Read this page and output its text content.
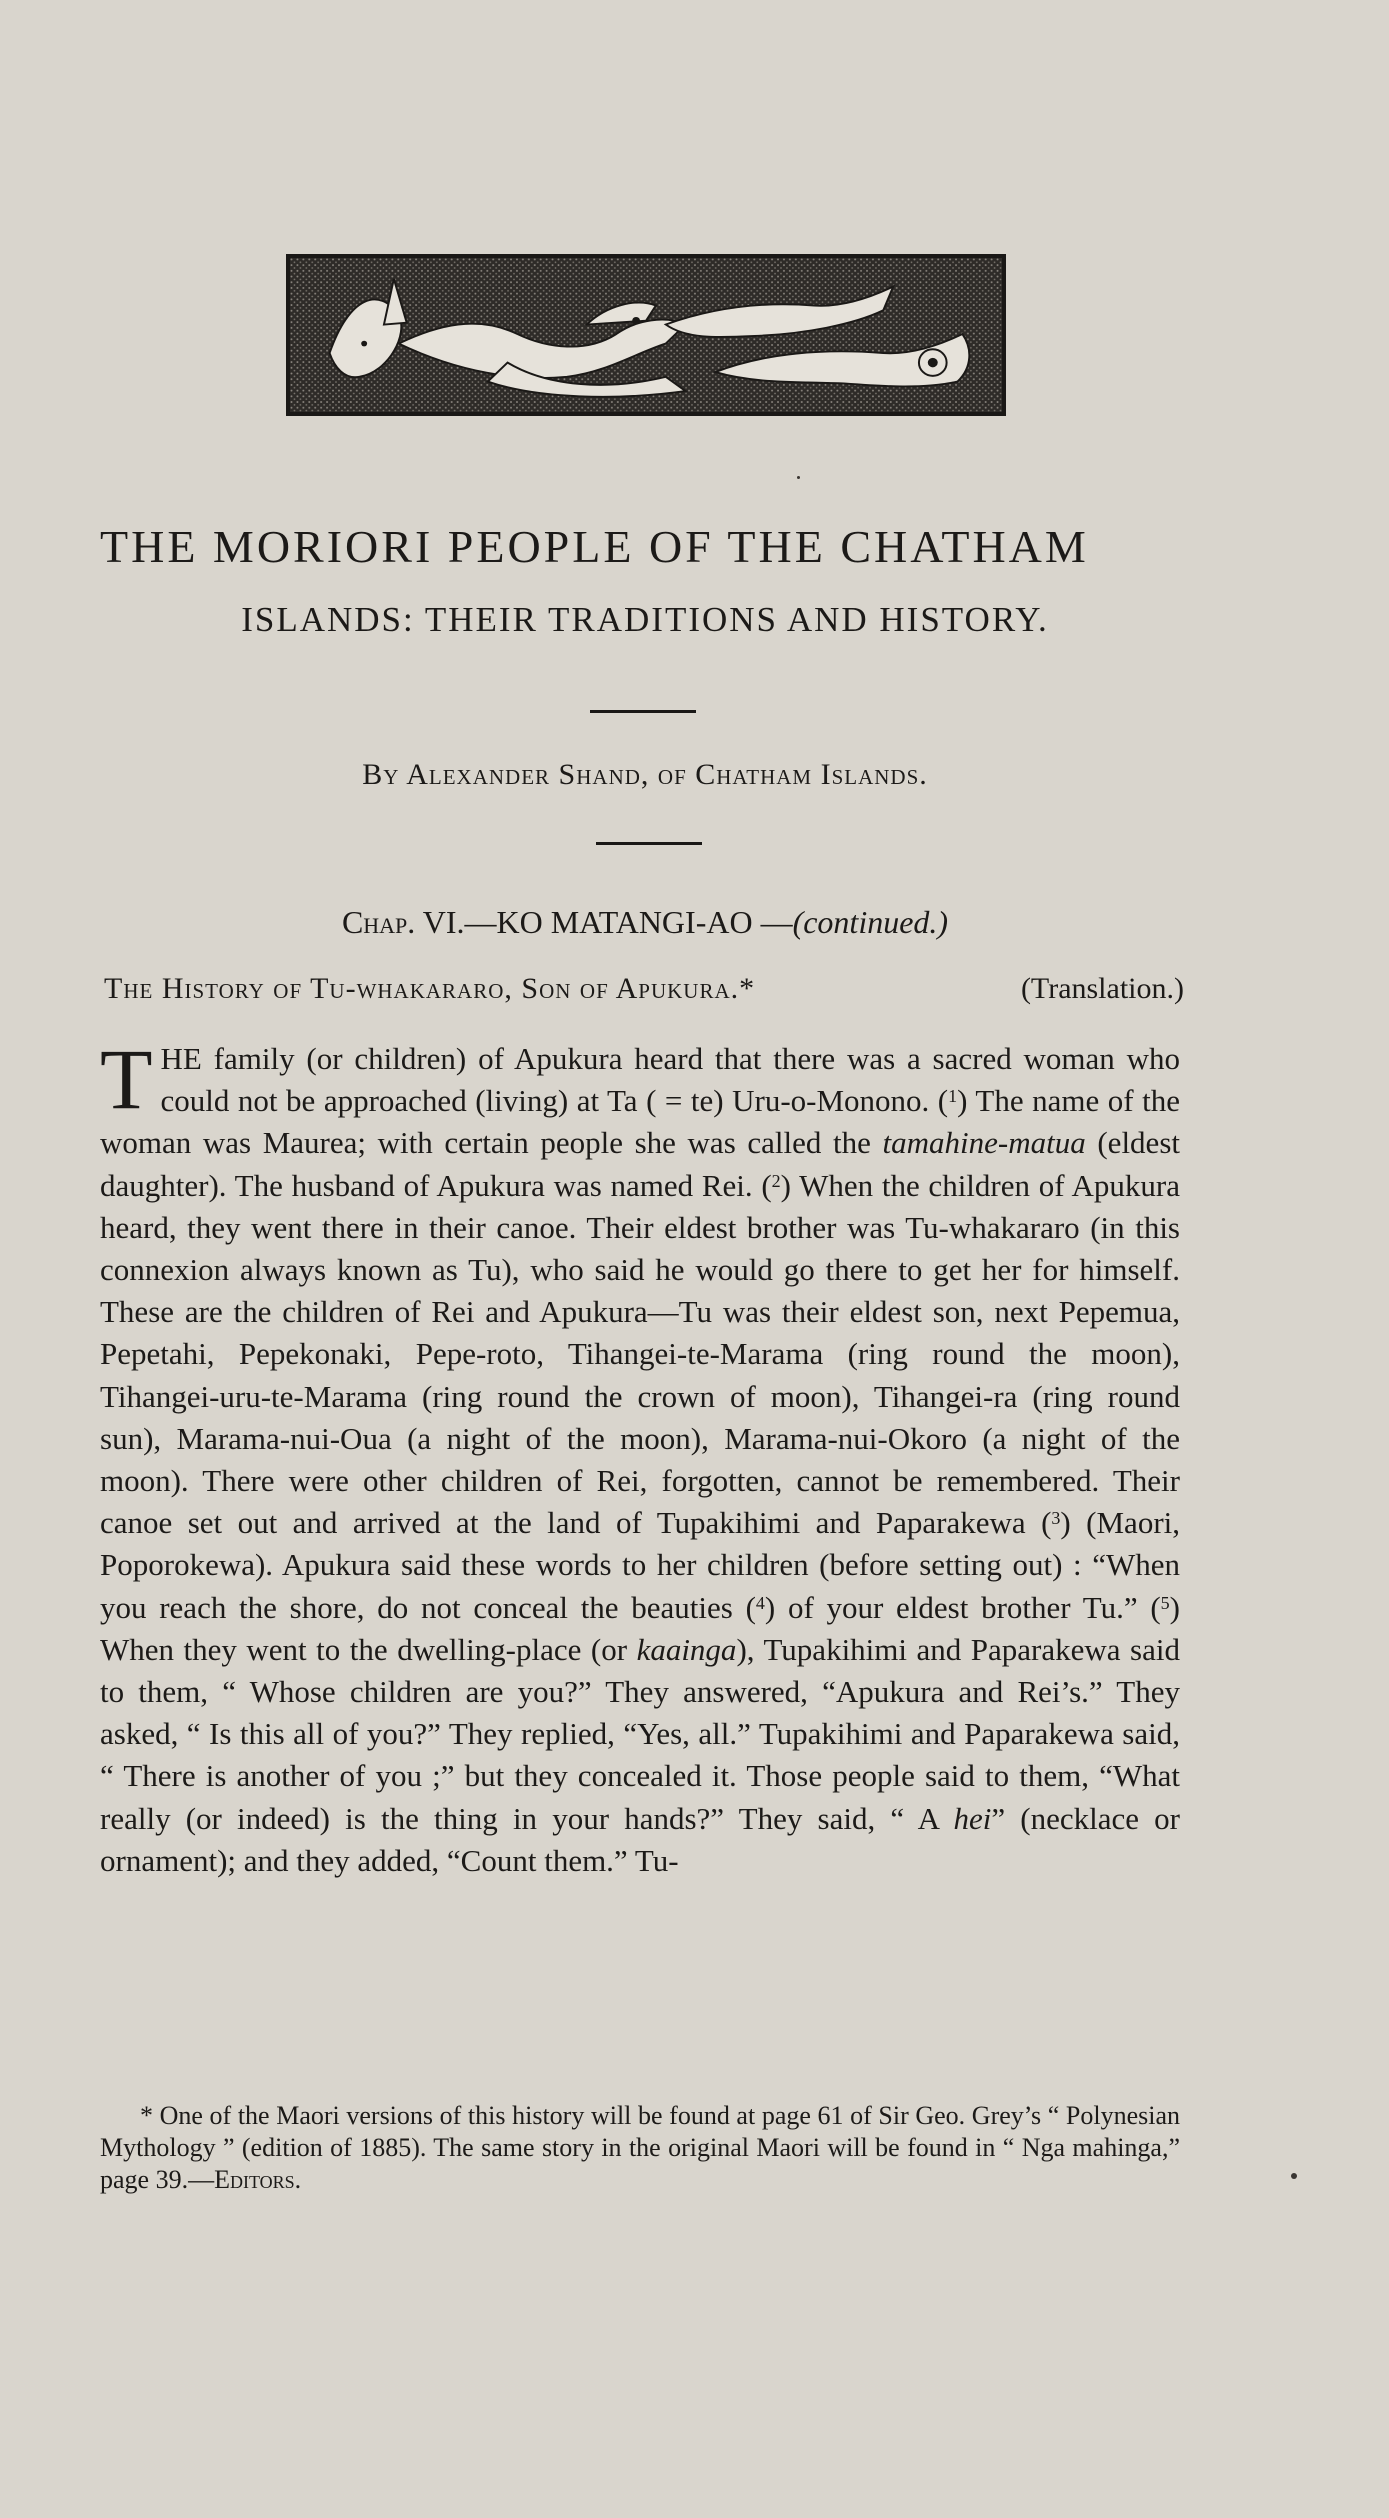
THE MORIORI PEOPLE OF THE CHATHAM
ISLANDS: THEIR TRADITIONS AND HISTORY.
By Alexander Shand, of Chatham Islands.
Chap. VI.—KO MATANGI-AO —(continued.)
The History of Tu-whakararo, Son of Apukura.*	(Translation.)

THE family (or children) of Apukura heard that there was a sacred woman who could not be approached (living) at Ta ( = te) Uru-o-Monono. ($^1$) The name of the woman was Maurea; with certain people she was called the tamahine-matua (eldest daughter). The husband of Apukura was named Rei. ($^2$) When the children of Apukura heard, they went there in their canoe. Their eldest brother was Tu-whakararo (in this connexion always known as Tu), who said he would go there to get her for himself. These are the children of Rei and Apukura—Tu was their eldest son, next Pepemua, Pepetahi, Pepekonaki, Pepe-roto, Tihangei-te-Marama (ring round the moon), Tihangei-uru-te-Marama (ring round the crown of moon), Tihangei-ra (ring round sun), Marama-nui-Oua (a night of the moon), Marama-nui-Okoro (a night of the moon). There were other children of Rei, forgotten, cannot be remembered. Their canoe set out and arrived at the land of Tupakihimi and Paparakewa ($^3$) (Maori, Poporokewa). Apukura said these words to her children (before setting out) : “When you reach the shore, do not conceal the beauties ($^4$) of your eldest brother Tu.” ($^5$) When they went to the dwelling-place (or kaainga), Tupakihimi and Paparakewa said to them, “ Whose children are you?” They answered, “Apukura and Rei’s.” They asked, “ Is this all of you?” They replied, “Yes, all.” Tupakihimi and Paparakewa said, “ There is another of you ;” but they concealed it. Those people said to them, “What really (or indeed) is the thing in your hands?” They said, “ A hei” (necklace or ornament); and they added, “Count them.” Tu-

* One of the Maori versions of this history will be found at page 61 of Sir Geo. Grey’s “ Polynesian Mythology ” (edition of 1885). The same story in the original Maori will be found in “ Nga mahinga,” page 39.—Editors.
